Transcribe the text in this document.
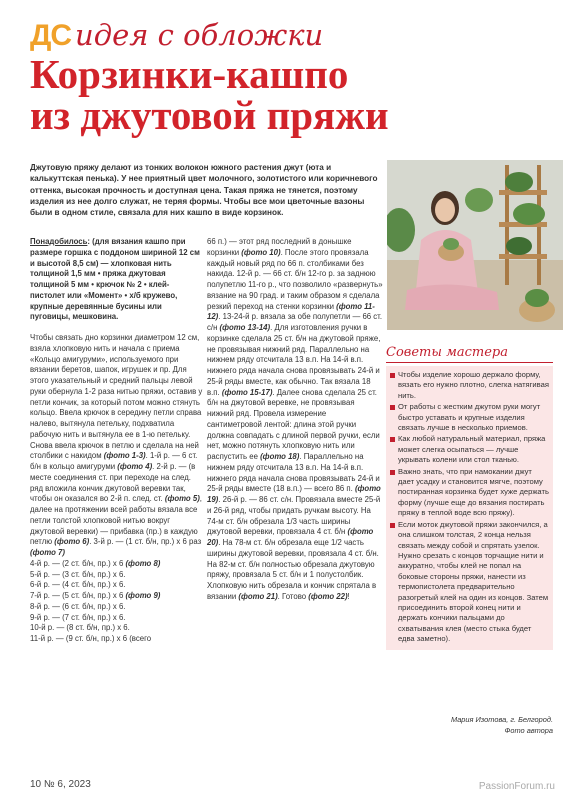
ДС идея с обложки
Корзинки-кашпо
из джутовой пряжи
Джутовую пряжу делают из тонких волокон южного растения джут (юта и калькуттская пенька). У нее приятный цвет молочного, золотистого или коричневого оттенка, высокая прочность и доступная цена. Такая пряжа не тянется, поэтому изделия из нее долго служат, не теряя формы. Чтобы все мои цветочные вазоны были в одном стиле, связала для них кашпо в виде корзинок.

Понадобилось: (для вязания кашпо при размере горшка с поддоном шириной 12 см и высотой 8,5 см) — хлопковая нить толщиной 1,5 мм • пряжа джутовая толщиной 5 мм • крючок № 2 • клей-пистолет или «Момент» • х/б кружево, крупные деревянные бусины или пуговицы, мешковина.

Чтобы связать дно корзинки диаметром 12 см, взяла хлопковую нить и начала с приема «Кольцо амигуруми», используемого при вязании беретов, шапок, игрушек и пр. Для этого указательный и средний пальцы левой руки обернула 1-2 раза нитью пряжи, оставив у петли кончик, за который потом можно стянуть кольцо. Ввела крючок в середину петли справа налево, вытянула петельку, подхватила рабочую нить и вытянула ее в 1-ю петельку. Снова ввела крючок в петлю и сделала на ней столбики с накидом (фото 1-3). 1-й р. — 6 ст. б/н в кольцо амигуруми (фото 4). 2-й р. — (в месте соединения ст. при переходе на след. ряд вложила кончик джутовой веревки так, чтобы он оказался во 2-й п. след. ст. (фото 5), далее на протяжении всей работы вязала все петли толстой хлопковой нитью вокруг джутовой веревки) — прибавка (пр.) в каждую петлю (фото 6). 3-й р. — (1 ст. б/н, пр.) х 6 раз (фото 7)

4-й р. — (2 ст. б/н, пр.) х 6 (фото 8)
5-й р. — (3 ст. б/н, пр.) х 6.
6-й р. — (4 ст. б/н, пр.) х 6.
7-й р. — (5 ст. б/н, пр.) х 6 (фото 9)
8-й р. — (6 ст. б/н, пр.) х 6.
9-й р. — (7 ст. б/н, пр.) х 6.
10-й р. — (8 ст. б/н, пр.) х 6.
11-й р. — (9 ст. б/н, пр.) х 6 (всего

66 п.) — этот ряд последний в донышке корзинки (фото 10). После этого провязала каждый новый ряд по 66 п. столбиками без накида. 12-й р. — 66 ст. б/н 12-го р. за заднюю полупетлю 11-го р., что позволило «развернуть» вязание на 90 град. и таким образом я сделала резкий переход на стенки корзинки (фото 11-12). 13-24-й р. вязала за обе полупетли — 66 ст. с/н (фото 13-14). Для изготовления ручки в корзинке сделала 25 ст. б/н на джутовой пряже, не провязывая нижний ряд. Параллельно на нижнем ряду отсчитала 13 в.п. На 14-й в.п. нижнего ряда начала снова провязывать 24-й и 25-й ряды вместе, как обычно. Так вязала 18 в.п. (фото 15-17). Далее снова сделала 25 ст. б/н на джутовой веревке, не провязывая нижний ряд. Провела измерение сантиметровой лентой: длина этой ручки должна совпадать с длиной первой ручки, если нет, можно потянуть хлопковую нить или распустить ее (фото 18). Параллельно на нижнем ряду отсчитала 13 в.п. На 14-й в.п. нижнего ряда начала снова провязывать 24-й и 25-й ряды вместе (18 в.п.) — всего 86 п. (фото 19). 26-й р. — 86 ст. с/н. Провязала вместе 25-й и 26-й ряд, чтобы придать ручкам высоту. На 74-м ст. б/н обрезала 1/3 часть ширины джутовой веревки, провязала 4 ст. б/н (фото 20). На 78-м ст. б/н обрезала еще 1/2 часть ширины джутовой веревки, провязала 4 ст. б/н. На 82-м ст. б/н полностью обрезала джутовую пряжу, провязала 5 ст. б/н и 1 полустолбик. Хлопковую нить обрезала и кончик спрятала в вязании (фото 21). Готово (фото 22)!

Советы мастера
Чтобы изделие хорошо держало форму, вязать его нужно плотно, слегка натягивая нить.
От работы с жестким джутом руки могут быстро уставать и крупные изделия связать лучше в несколько приемов.
Как любой натуральный материал, пряжа может слегка осыпаться — лучше укрывать колени или стол тканью.
Важно знать, что при намокании джут дает усадку и становится мягче, поэтому постиранная корзинка будет хуже держать форму (лучше еще до вязания постирать пряжу в теплой воде всю пряжу).
Если моток джутовой пряжи закончился, а она слишком толстая, 2 конца нельзя связать между собой и спрятать узелок. Нужно срезать с концов торчащие нити и аккуратно, чтобы клей не попал на боковые стороны пряжи, нанести из термопистолета предварительно разогретый клей на один из концов. Затем присоединить второй конец нити и держать кончики пальцами до схватывания клея (место стыка будет едва заметно).
Мария Изотова, г. Белгород.
Фото автора
10 № 6, 2023	PassionForum.ru
